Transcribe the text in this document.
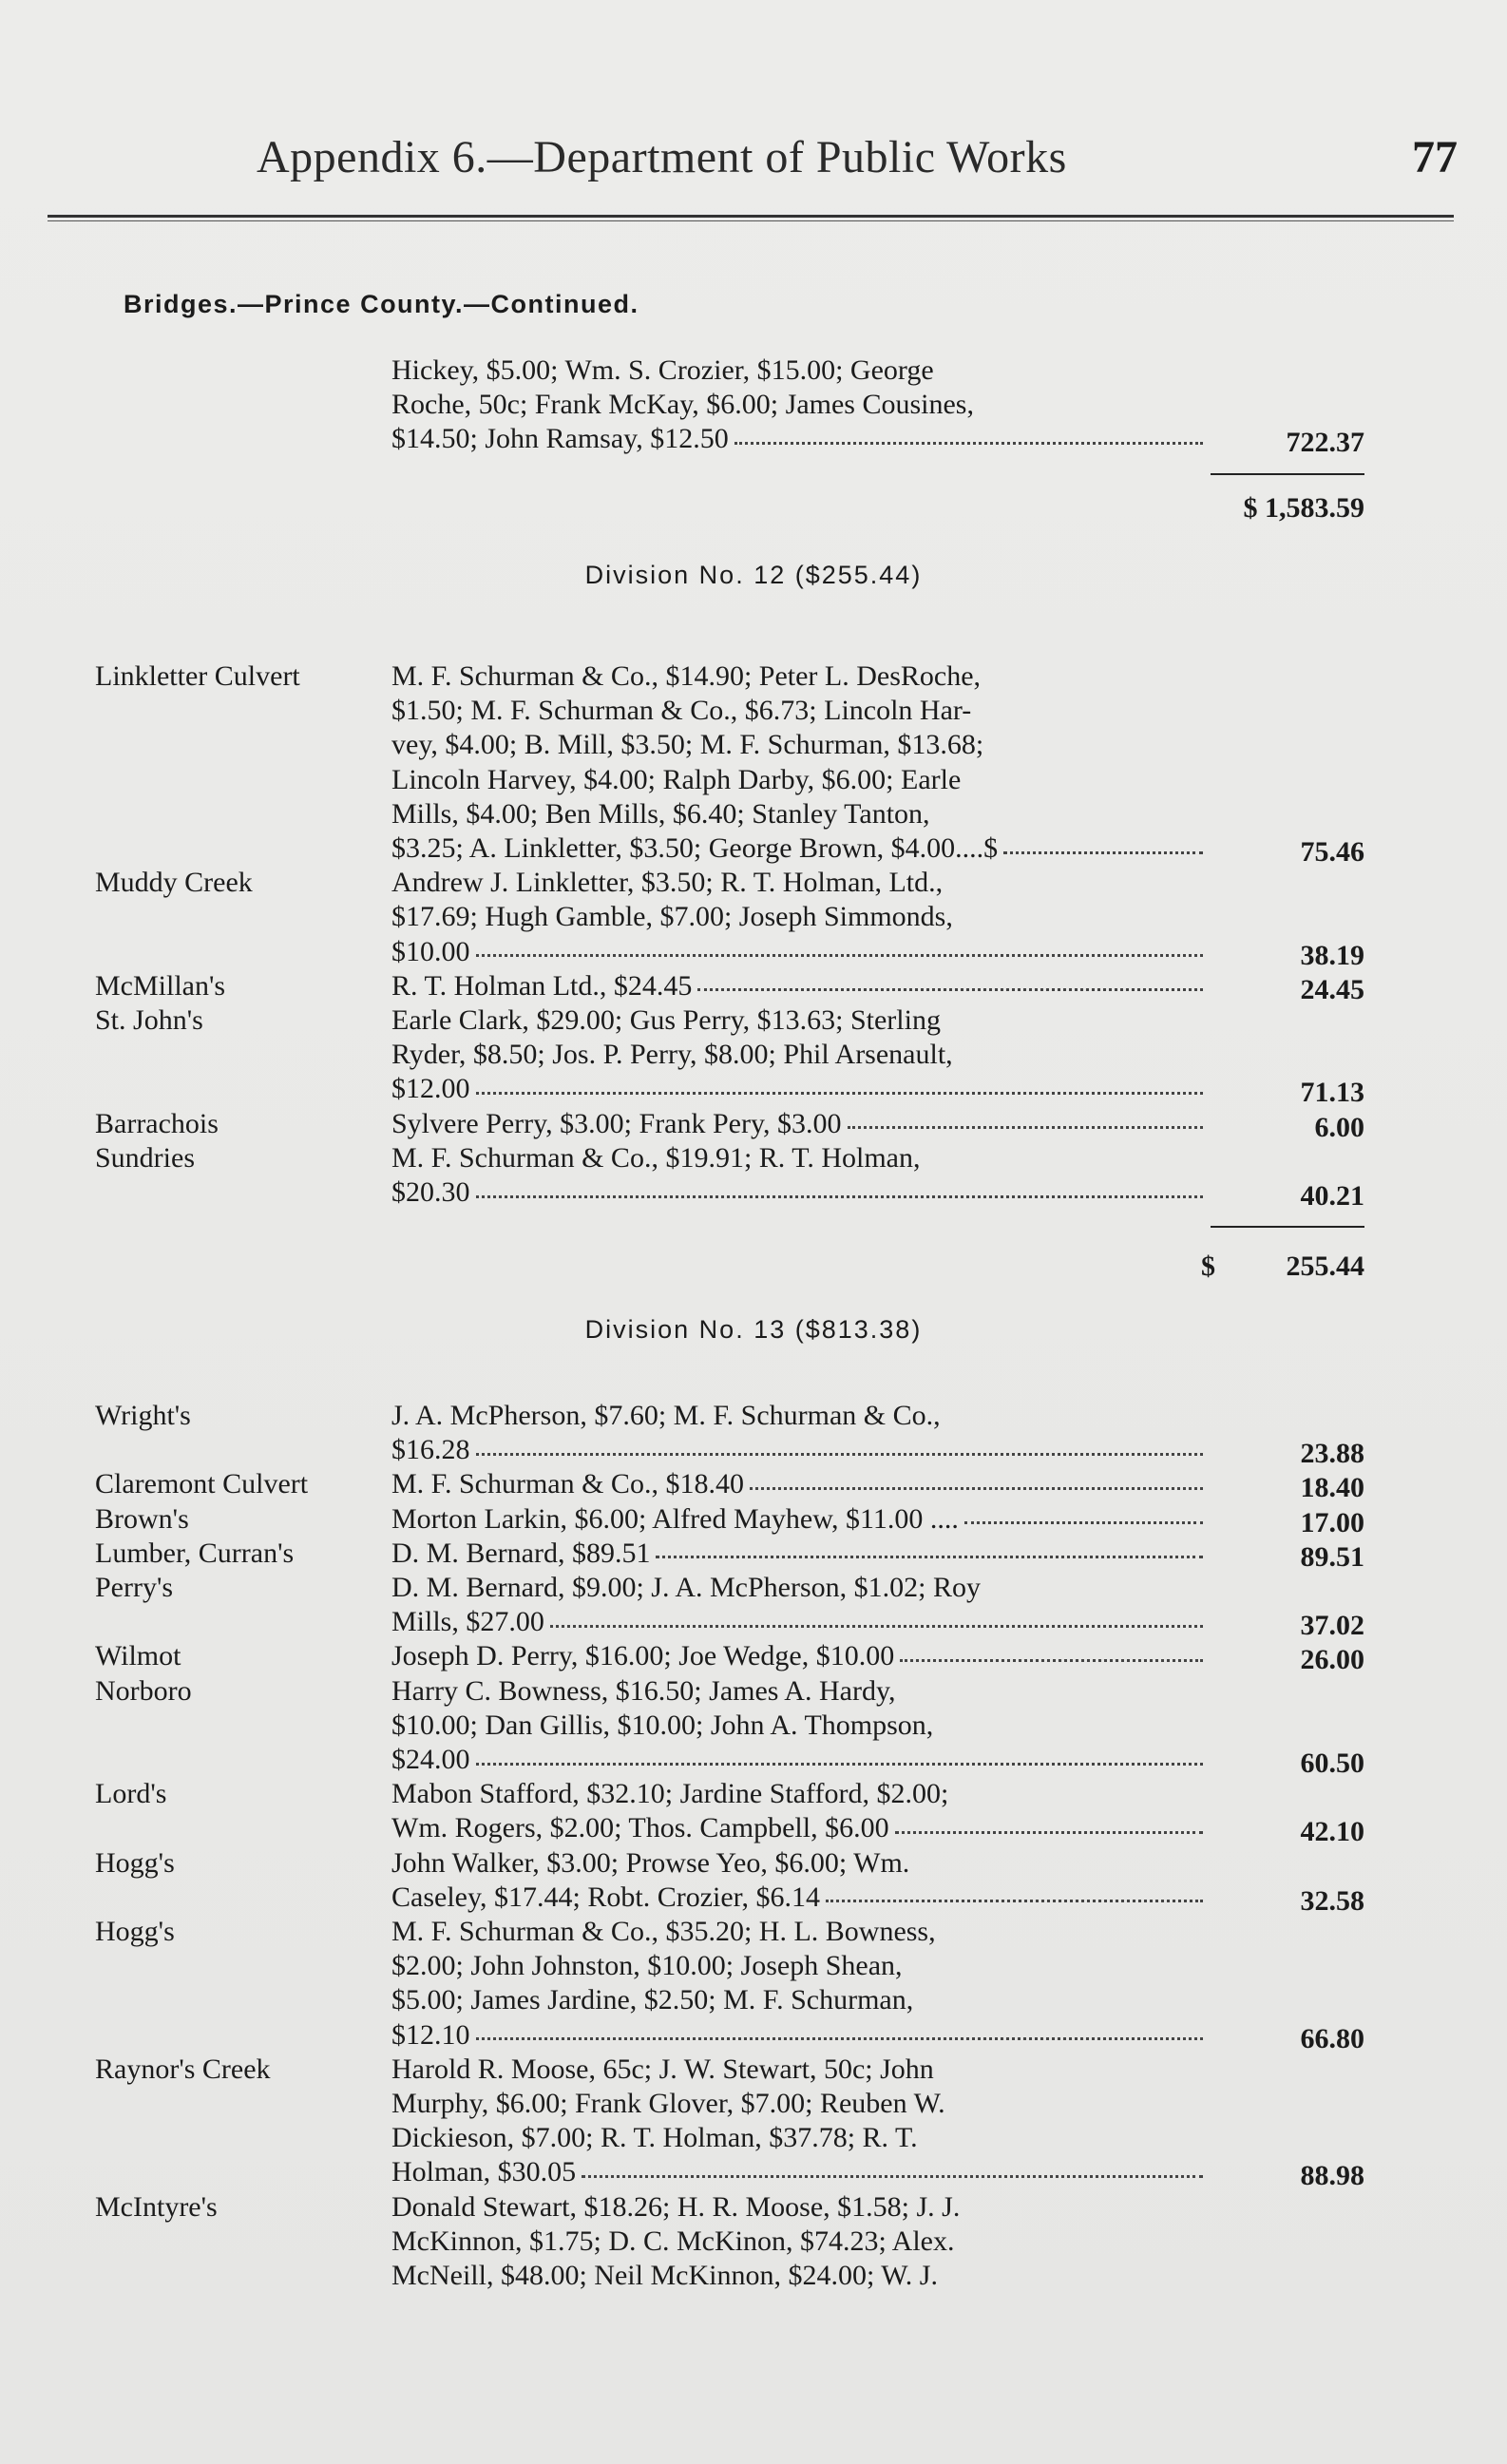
Appendix 6.—Department of Public Works	77
Bridges.—Prince County.—Continued.
Hickey, $5.00; Wm. S. Crozier, $15.00; George
Roche, 50c; Frank McKay, $6.00; James Cousines,
$14.50; John Ramsay, $12.50	722.37
$ 1,583.59
Division No. 12 ($255.44)
Linkletter Culvert	M. F. Schurman & Co., $14.90; Peter L. DesRoche,
$1.50; M. F. Schurman & Co., $6.73; Lincoln Har-
vey, $4.00; B. Mill, $3.50; M. F. Schurman, $13.68;
Lincoln Harvey, $4.00; Ralph Darby, $6.00; Earle
Mills, $4.00; Ben Mills, $6.40; Stanley Tanton,
$3.25; A. Linkletter, $3.50; George Brown, $4.00....$	75.46
Muddy Creek	Andrew J. Linkletter, $3.50; R. T. Holman, Ltd.,
$17.69; Hugh Gamble, $7.00; Joseph Simmonds,
$10.00	38.19
McMillan's	R. T. Holman Ltd., $24.45	24.45
St. John's	Earle Clark, $29.00; Gus Perry, $13.63; Sterling
Ryder, $8.50; Jos. P. Perry, $8.00; Phil Arsenault,
$12.00	71.13
Barrachois	Sylvere Perry, $3.00; Frank Pery, $3.00	6.00
Sundries	M. F. Schurman & Co., $19.91; R. T. Holman,
$20.30	40.21
$ 255.44
Division No. 13 ($813.38)
Wright's	J. A. McPherson, $7.60; M. F. Schurman & Co.,
$16.28	23.88
Claremont Culvert	M. F. Schurman & Co., $18.40	18.40
Brown's	Morton Larkin, $6.00; Alfred Mayhew, $11.00 ....	17.00
Lumber, Curran's	D. M. Bernard, $89.51	89.51
Perry's	D. M. Bernard, $9.00; J. A. McPherson, $1.02; Roy
Mills, $27.00	37.02
Wilmot	Joseph D. Perry, $16.00; Joe Wedge, $10.00	26.00
Norboro	Harry C. Bowness, $16.50; James A. Hardy,
$10.00; Dan Gillis, $10.00; John A. Thompson,
$24.00	60.50
Lord's	Mabon Stafford, $32.10; Jardine Stafford, $2.00;
Wm. Rogers, $2.00; Thos. Campbell, $6.00	42.10
Hogg's	John Walker, $3.00; Prowse Yeo, $6.00; Wm.
Caseley, $17.44; Robt. Crozier, $6.14	32.58
Hogg's	M. F. Schurman & Co., $35.20; H. L. Bowness,
$2.00; John Johnston, $10.00; Joseph Shean,
$5.00; James Jardine, $2.50; M. F. Schurman,
$12.10	66.80
Raynor's Creek	Harold R. Moose, 65c; J. W. Stewart, 50c; John
Murphy, $6.00; Frank Glover, $7.00; Reuben W.
Dickieson, $7.00; R. T. Holman, $37.78; R. T.
Holman, $30.05	88.98
McIntyre's	Donald Stewart, $18.26; H. R. Moose, $1.58; J. J.
McKinnon, $1.75; D. C. McKinon, $74.23; Alex.
McNeill, $48.00; Neil McKinnon, $24.00; W. J.
